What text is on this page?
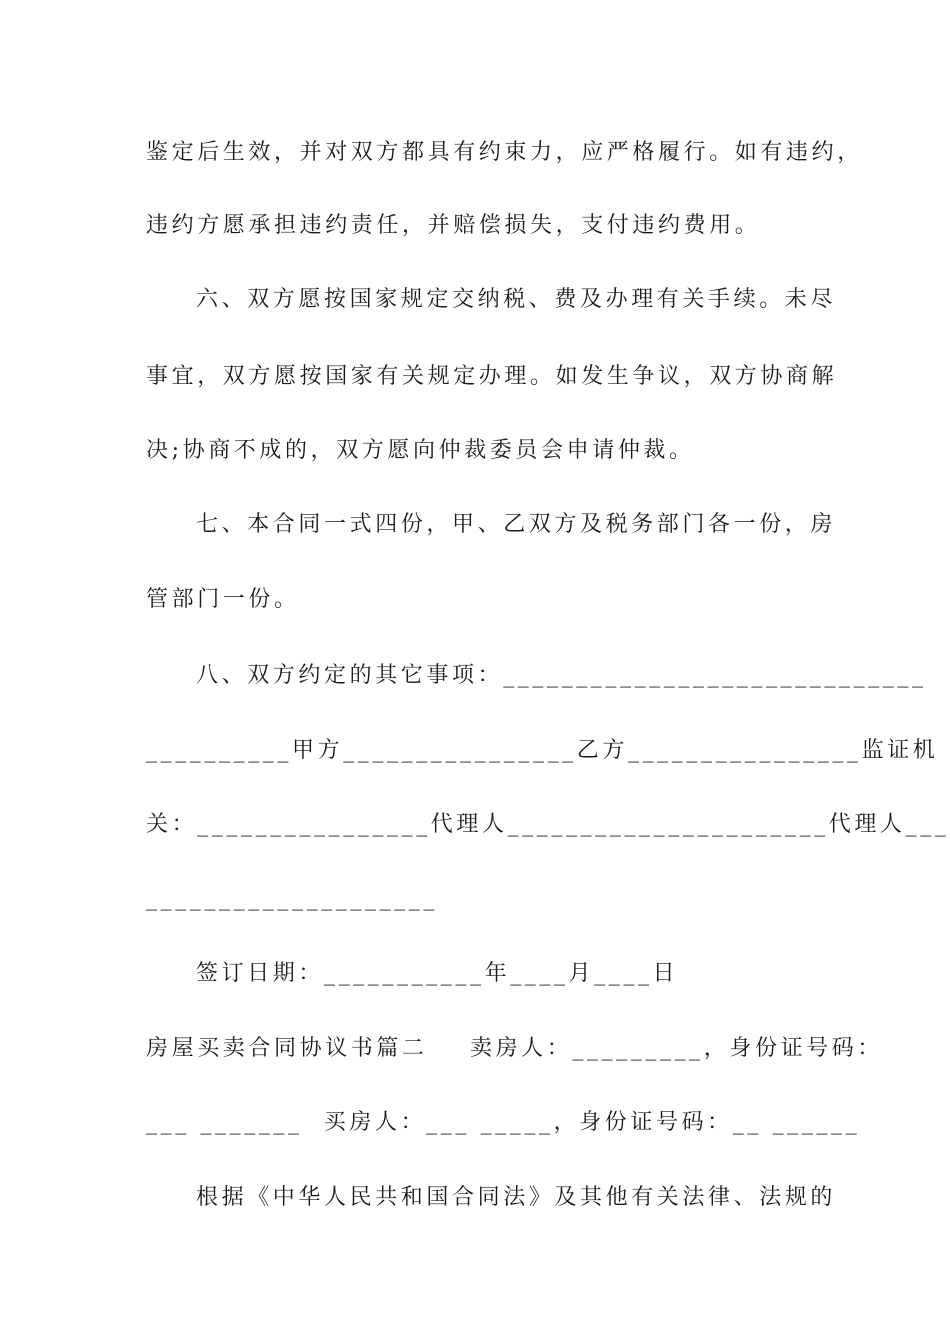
鉴定后生效，并对双方都具有约束力，应严格履行。如有违约，
违约方愿承担违约责任，并赔偿损失，支付违约费用。
六、双方愿按国家规定交纳税、费及办理有关手续。未尽
事宜，双方愿按国家有关规定办理。如发生争议，双方协商解
决;协商不成的，双方愿向仲裁委员会申请仲裁。
七、本合同一式四份，甲、乙双方及税务部门各一份，房
管部门一份。
八、双方约定的其它事项：_____________________________
__________甲方________________乙方________________监证机
关：________________代理人______________________代理人___
____________________
签订日期：___________年____月____日
房屋买卖合同协议书篇二    卖房人：_________，身份证号码：
___ _______  买房人：___ _____，身份证号码：__ ______
根据《中华人民共和国合同法》及其他有关法律、法规的
